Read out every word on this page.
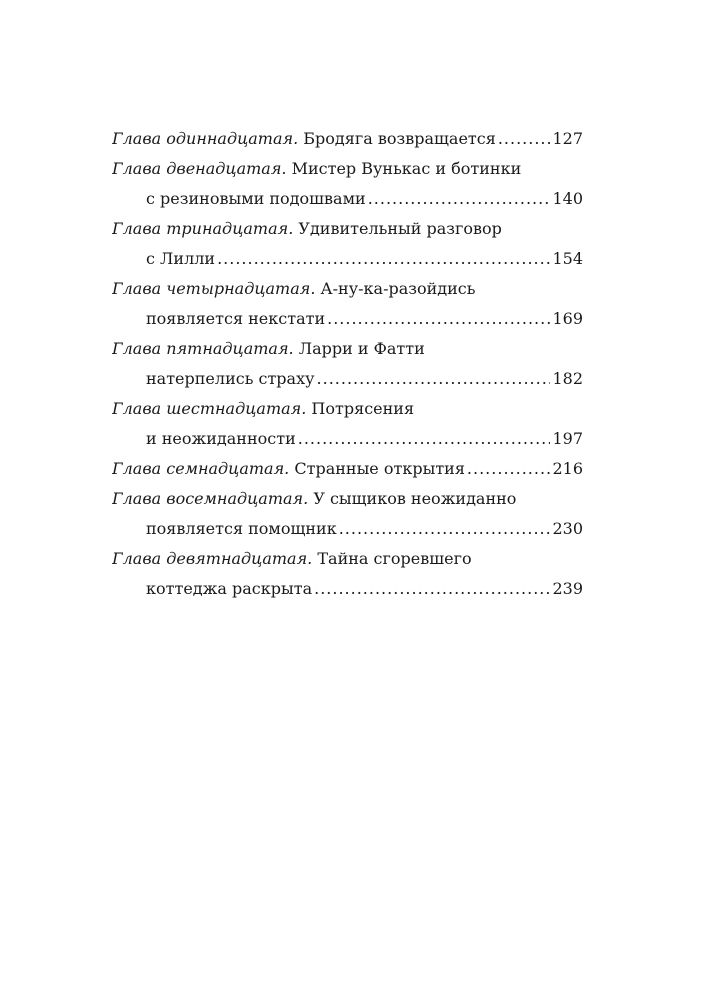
Глава одиннадцатая.
Бродяга возвращается .....	127
Глава двенадцатая. Мистер Вунькас и ботинки
с резиновыми подошвами .....	140
Глава тринадцатая. Удивительный разговор
с Лилли .....	154
Глава четырнадцатая. А-ну-ка-разойдись
появляется некстати .....	169
Глава пятнадцатая. Ларри и Фатти
натерпелись страху .....	182
Глава шестнадцатая. Потрясения
и неожиданности .....	197
Глава семнадцатая.
Странные открытия .....	216
Глава восемнадцатая. У сыщиков неожиданно
появляется помощник .....	230
Глава девятнадцатая. Тайна сгоревшего
коттеджа раскрыта .....	239
